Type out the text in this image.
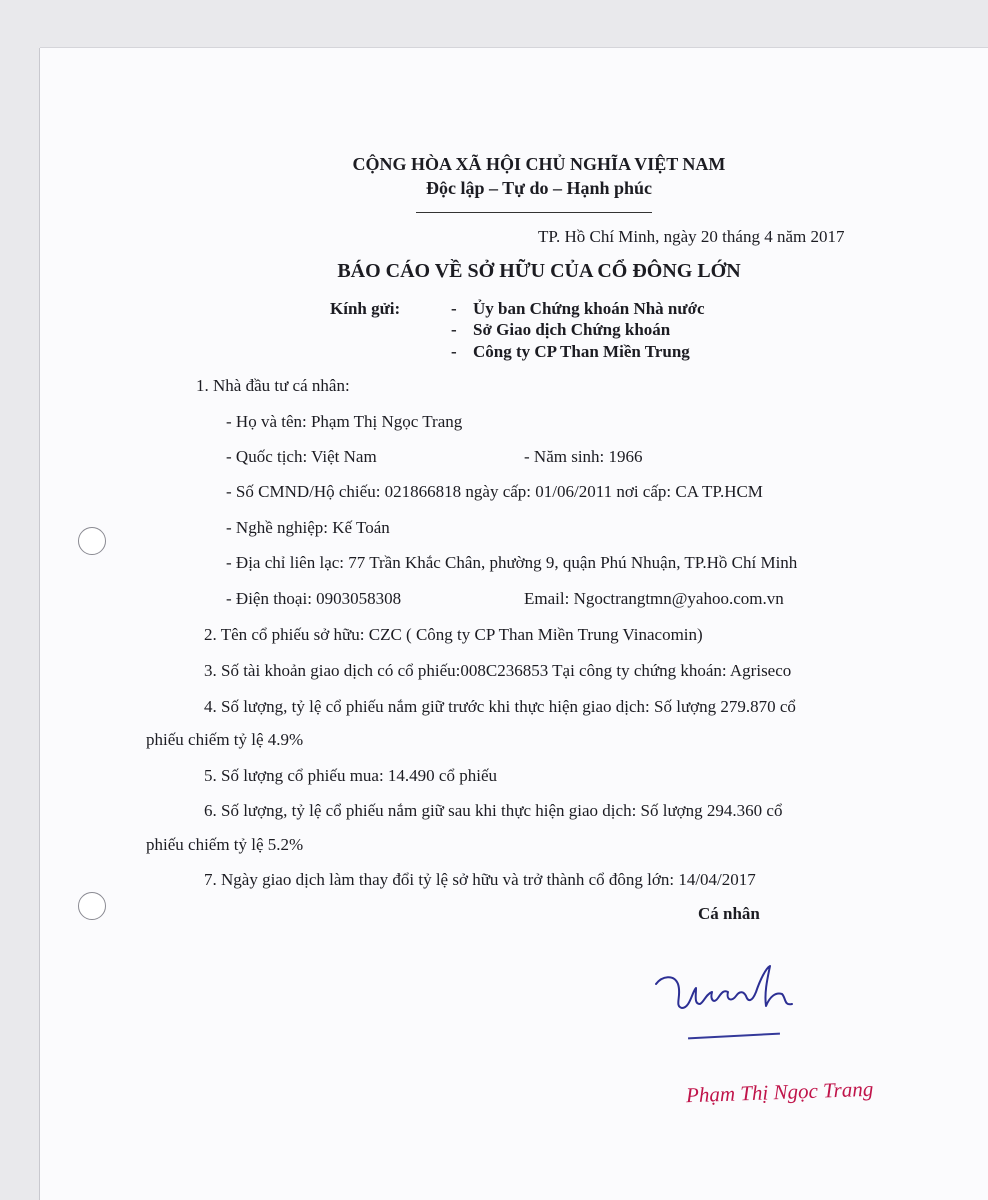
CỘNG HÒA XÃ HỘI CHỦ NGHĨA VIỆT NAM
Độc lập – Tự do – Hạnh phúc
TP. Hồ Chí Minh, ngày 20 tháng 4 năm 2017
BÁO CÁO VỀ SỞ HỮU CỦA CỔ ĐÔNG LỚN
Kính gửi:	- Ủy ban Chứng khoán Nhà nước
- Sở Giao dịch Chứng khoán
- Công ty CP Than Miền Trung
1. Nhà đầu tư cá nhân:
- Họ và tên: Phạm Thị Ngọc Trang
- Quốc tịch: Việt Nam	- Năm sinh: 1966
- Số CMND/Hộ chiếu: 021866818 ngày cấp: 01/06/2011 nơi cấp: CA TP.HCM
- Nghề nghiệp: Kế Toán
- Địa chỉ liên lạc: 77 Trần Khắc Chân, phường 9, quận Phú Nhuận, TP.Hồ Chí Minh
- Điện thoại: 0903058308	Email: Ngoctrangtmn@yahoo.com.vn
2. Tên cổ phiếu sở hữu: CZC ( Công ty CP Than Miền Trung Vinacomin)
3. Số tài khoản giao dịch có cổ phiếu:008C236853 Tại công ty chứng khoán: Agriseco
4. Số lượng, tỷ lệ cổ phiếu nắm giữ trước khi thực hiện giao dịch: Số lượng 279.870 cổ
phiếu chiếm tỷ lệ 4.9%
5. Số lượng cổ phiếu mua: 14.490 cổ phiếu
6. Số lượng, tỷ lệ cổ phiếu nắm giữ sau khi thực hiện giao dịch: Số lượng 294.360 cổ
phiếu chiếm tỷ lệ 5.2%
7. Ngày giao dịch làm thay đổi tỷ lệ sở hữu và trở thành cổ đông lớn: 14/04/2017
Cá nhân
Phạm Thị Ngọc Trang
